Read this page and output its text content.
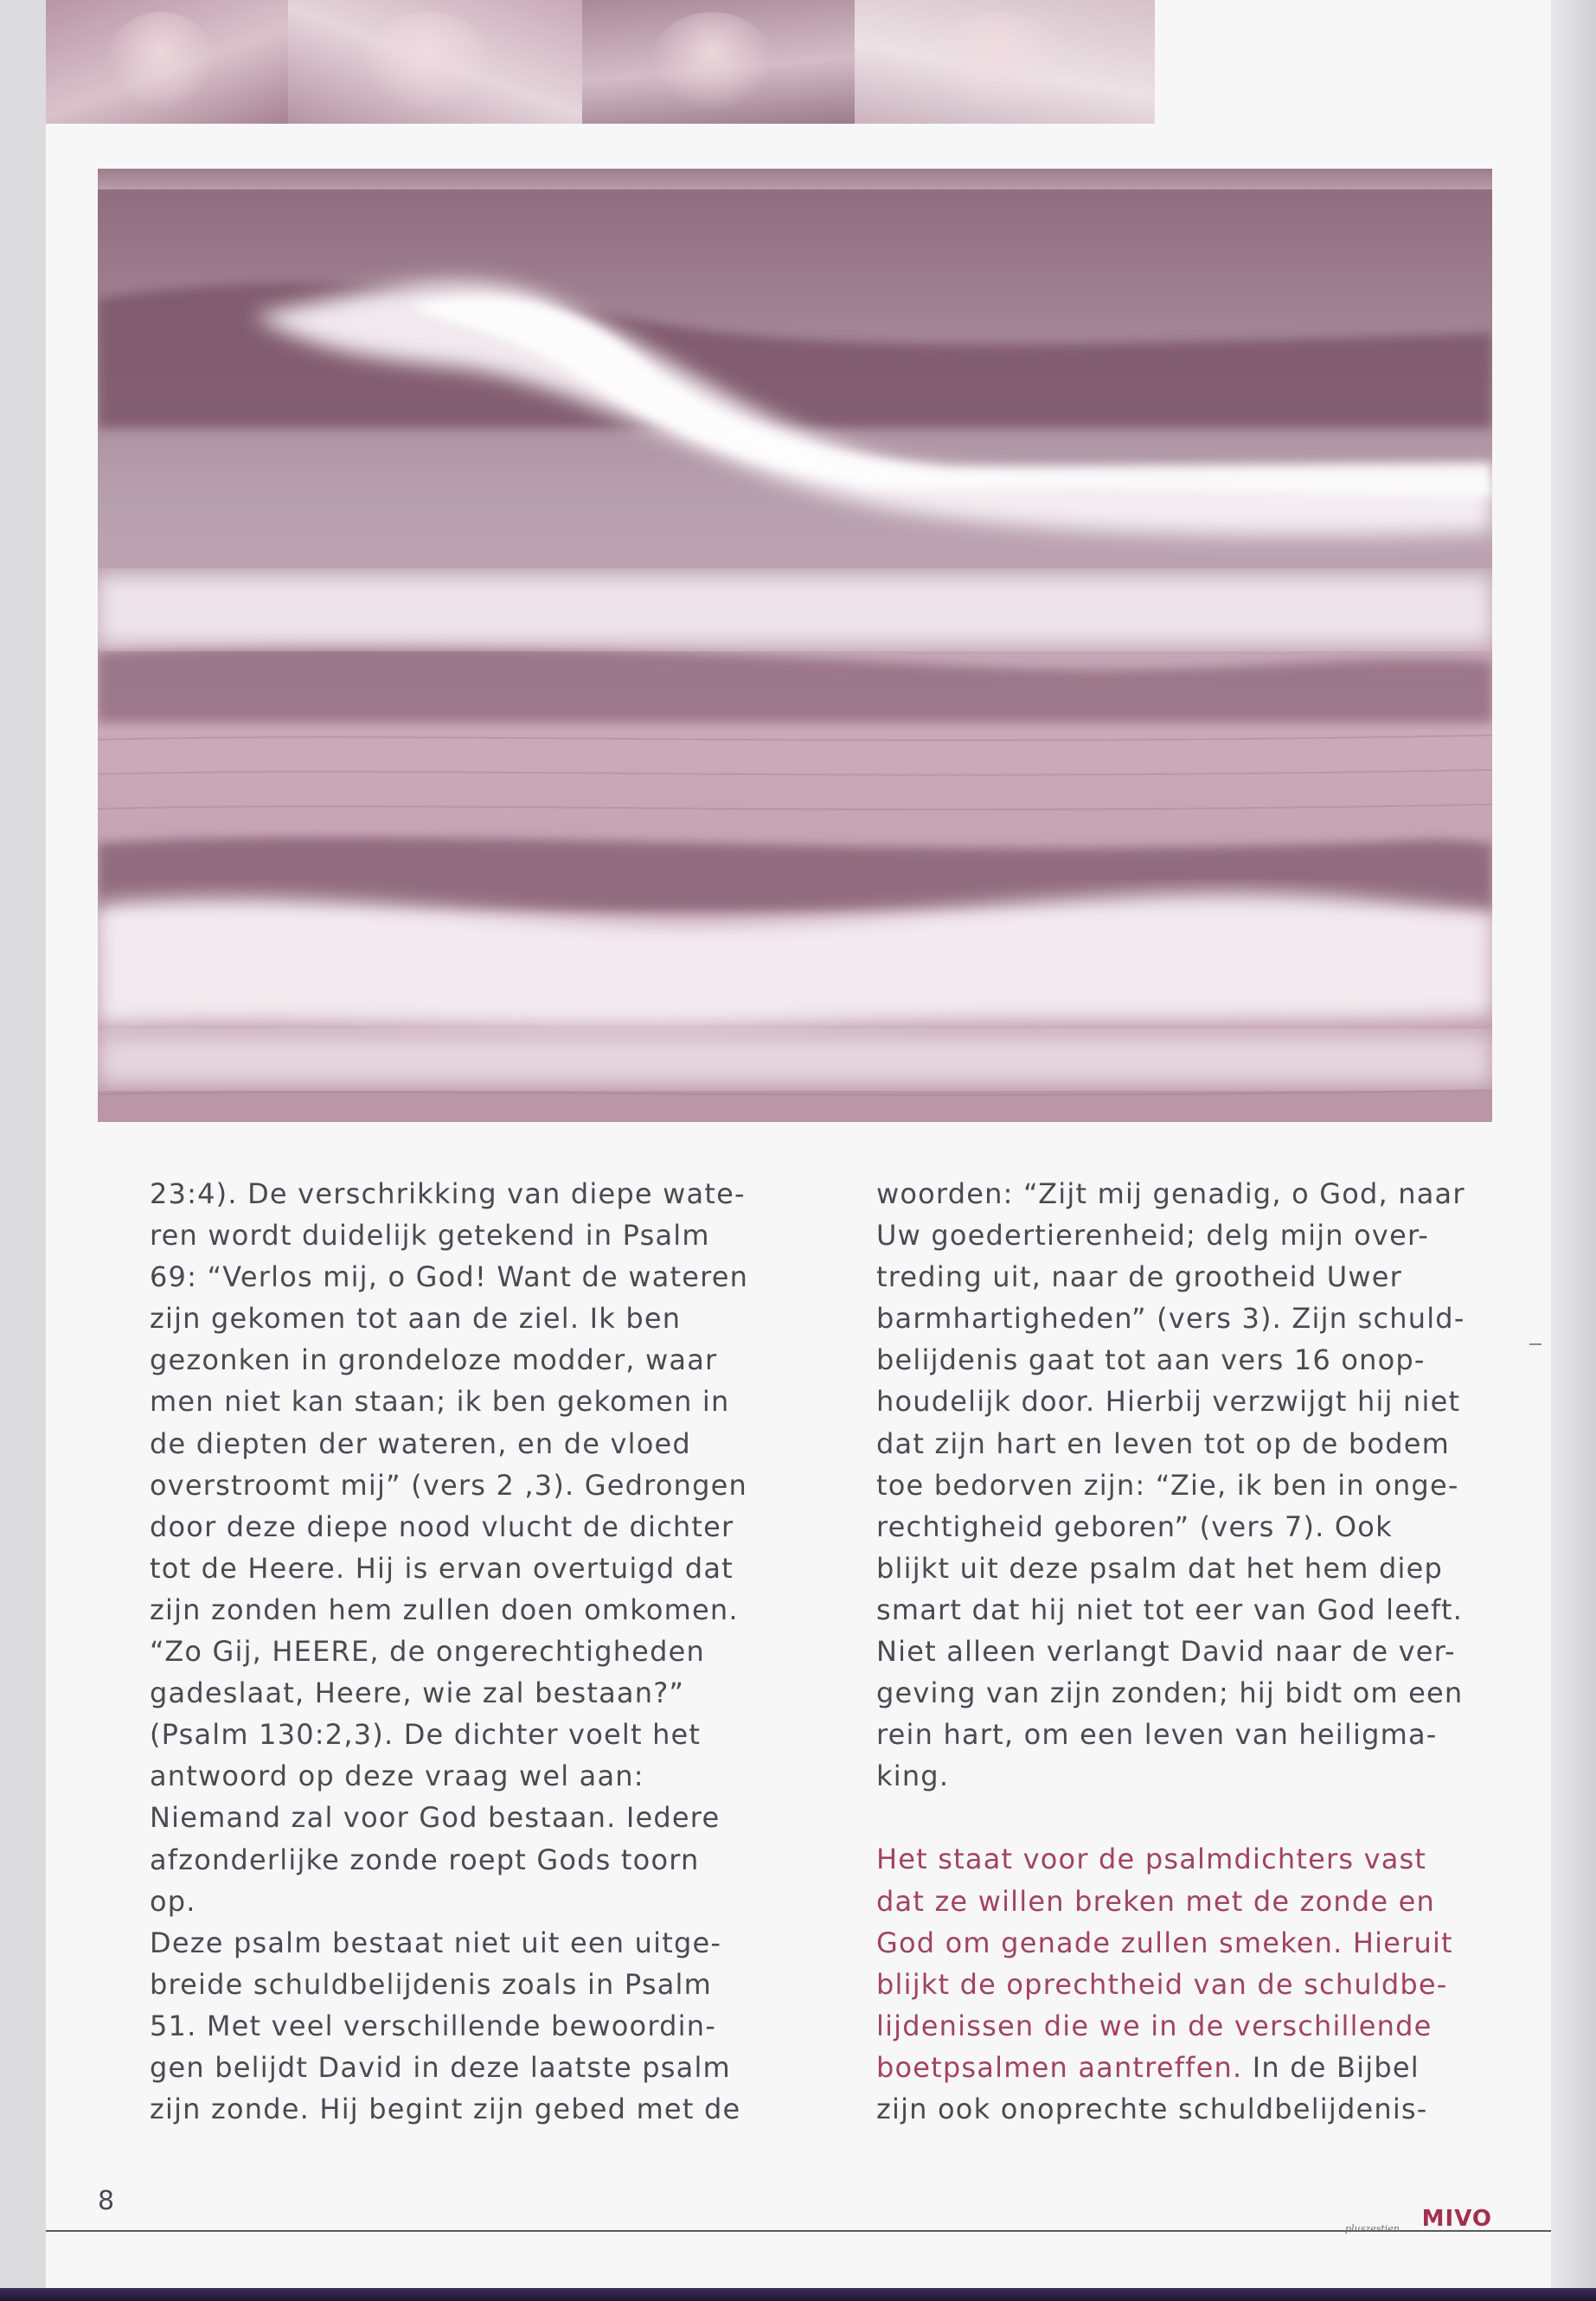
23:4). De verschrikking van diepe wate-

ren wordt duidelijk getekend in Psalm

69: “Verlos mij, o God! Want de wateren

zijn gekomen tot aan de ziel. Ik ben

gezonken in grondeloze modder, waar

men niet kan staan; ik ben gekomen in

de diepten der wateren, en de vloed

overstroomt mij” (vers 2 ,3). Gedrongen

door deze diepe nood vlucht de dichter

tot de Heere. Hij is ervan overtuigd dat

zijn zonden hem zullen doen omkomen.

“Zo Gij, HEERE, de ongerechtigheden

gadeslaat, Heere, wie zal bestaan?”

(Psalm 130:2,3). De dichter voelt het

antwoord op deze vraag wel aan:

Niemand zal voor God bestaan. Iedere

afzonderlijke zonde roept Gods toorn

op.

Deze psalm bestaat niet uit een uitge-

breide schuldbelijdenis zoals in Psalm

51. Met veel verschillende bewoordin-

gen belijdt David in deze laatste psalm

zijn zonde. Hij begint zijn gebed met de

woorden: “Zijt mij genadig, o God, naar

Uw goedertierenheid; delg mijn over-

treding uit, naar de grootheid Uwer

barmhartigheden” (vers 3). Zijn schuld-

belijdenis gaat tot aan vers 16 onop-

houdelijk door. Hierbij verzwijgt hij niet

dat zijn hart en leven tot op de bodem

toe bedorven zijn: “Zie, ik ben in onge-

rechtigheid geboren” (vers 7). Ook

blijkt uit deze psalm dat het hem diep

smart dat hij niet tot eer van God leeft.

Niet alleen verlangt David naar de ver-

geving van zijn zonden; hij bidt om een

rein hart, om een leven van heiligma-

king.

Het staat voor de psalmdichters vast

dat ze willen breken met de zonde en

God om genade zullen smeken. Hieruit

blijkt de oprechtheid van de schuldbe-

lijdenissen die we in de verschillende

boetpsalmen aantreffen. In de Bijbel

zijn ook onoprechte schuldbelijdenis-

8
pluszestien MIVO
